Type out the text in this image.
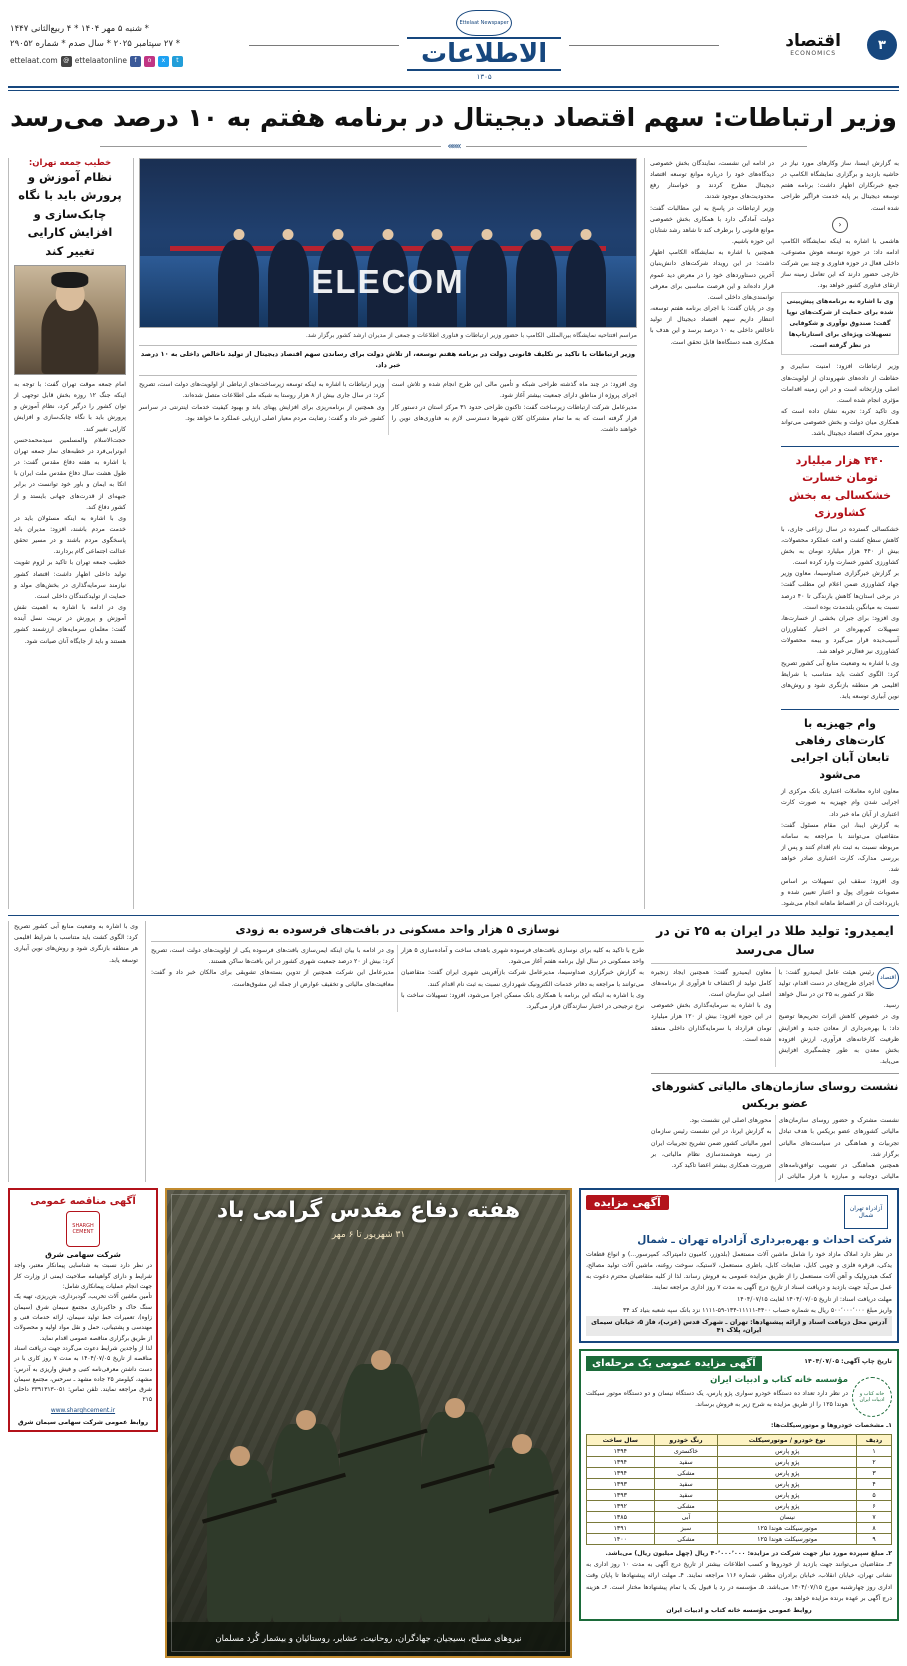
۳
اقتصاد
ECONOMICS
Ettelaat Newspaper
الاطلاعات
۱۳۰۵
* شنبه ۵ مهر ۱۴۰۴ * ۴ ربیع‌الثانی ۱۴۴۷
* ۲۷ سپتامبر ۲۰۲۵ * سال صدم * شماره ۲۹۰۵۲
t
x
o
f
ettelaatonline
@
ettelaat.com
وزیر ارتباطات: سهم اقتصاد دیجیتال در برنامه هفتم به ۱۰ درصد می‌رسد
»»»
به گزارش ایسنا، ساز وکارهای مورد نیاز در حاشیه بازدید و برگزاری نمایشگاه الکامپ در جمع خبرنگاران اظهار داشت: برنامه هفتم توسعه دیجیتال بر پایه خدمت فراگیر طراحی شده است.
‹
هاشمی با اشاره به اینکه نمایشگاه الکامپ ادامه داد: در حوزه توسعه هوش مصنوعی، داخلی فعال در حوزه فناوری و چند بین شرکت خارجی حضور دارند که این تعامل زمینه ساز ارتقای فناوری کشور خواهد بود.
وی با اشاره به برنامه‌های پیش‌بینی شده برای حمایت از شرکت‌های نوپا گفت: صندوق نوآوری و شکوفایی تسهیلات ویژه‌ای برای استارتاپ‌ها در نظر گرفته است.
وزیر ارتباطات افزود: امنیت سایبری و حفاظت از داده‌های شهروندان از اولویت‌های اصلی وزارتخانه است و در این زمینه اقدامات مؤثری انجام شده است.
وی تاکید کرد: تجربه نشان داده است که همکاری میان دولت و بخش خصوصی می‌تواند موتور محرک اقتصاد دیجیتال باشد.
۴۴۰ هزار میلیارد تومان خسارت خشکسالی به بخش کشاورزی
خشکسالی گسترده در سال زراعی جاری، با کاهش سطح کشت و افت عملکرد محصولات، بیش از ۴۴۰ هزار میلیارد تومان به بخش کشاورزی کشور خسارت وارد کرده است.
بر گزارش خبرگزاری صداوسیما، معاون وزیر جهاد کشاورزی ضمن اعلام این مطلب گفت: در برخی استان‌ها کاهش بارندگی تا ۴۰ درصد نسبت به میانگین بلندمدت بوده است.
وی افزود: برای جبران بخشی از خسارت‌ها، تسهیلات کم‌بهره‌ای در اختیار کشاورزان آسیب‌دیده قرار می‌گیرد و بیمه محصولات کشاورزی نیز فعال‌تر خواهد شد.
وی با اشاره به وضعیت منابع آبی کشور تصریح کرد: الگوی کشت باید متناسب با شرایط اقلیمی هر منطقه بازنگری شود و روش‌های نوین آبیاری توسعه یابد.
وام جهیزیه با کارت‌های رفاهی تابعان آبان اجرایی می‌شود
معاون اداره معاملات اعتباری بانک مرکزی از اجرایی شدن وام جهیزیه به صورت کارت اعتباری از آبان ماه خبر داد.
به گزارش ایبنا، این مقام مسئول گفت: متقاضیان می‌توانند با مراجعه به سامانه مربوطه نسبت به ثبت نام اقدام کنند و پس از بررسی مدارک، کارت اعتباری صادر خواهد شد.
وی افزود: سقف این تسهیلات بر اساس مصوبات شورای پول و اعتبار تعیین شده و بازپرداخت آن در اقساط ماهانه انجام می‌شود.
در ادامه این نشست، نمایندگان بخش خصوصی دیدگاه‌های خود را درباره موانع توسعه اقتصاد دیجیتال مطرح کردند و خواستار رفع محدودیت‌های موجود شدند.
وزیر ارتباطات در پاسخ به این مطالبات گفت: دولت آمادگی دارد با همکاری بخش خصوصی موانع قانونی را برطرف کند تا شاهد رشد شتابان این حوزه باشیم.
همچنین با اشاره به نمایشگاه الکامپ اظهار داشت: در این رویداد شرکت‌های دانش‌بنیان آخرین دستاوردهای خود را در معرض دید عموم قرار داده‌اند و این فرصت مناسبی برای معرفی توانمندی‌های داخلی است.
وی در پایان گفت: با اجرای برنامه هفتم توسعه، انتظار داریم سهم اقتصاد دیجیتال از تولید ناخالص داخلی به ۱۰ درصد برسد و این هدف با همکاری همه دستگاه‌ها قابل تحقق است.
ELECOM
مراسم افتتاحیه نمایشگاه بین‌المللی الکامپ با حضور وزیر ارتباطات و فناوری اطلاعات و جمعی از مدیران ارشد کشور برگزار شد.
وزیر ارتباطات با تاکید بر تکلیف قانونی دولت در برنامه هفتم توسعه، از تلاش دولت برای رساندن سهم اقتصاد دیجیتال از تولید ناخالص داخلی به ۱۰ درصد خبر داد.
وی افزود: در چند ماه گذشته طراحی شبکه و تأمین مالی این طرح انجام شده و تلاش است اجرای پروژه از مناطق دارای جمعیت بیشتر آغاز شود.
مدیرعامل شرکت ارتباطات زیرساخت گفت: تاکنون طراحی حدود ۳۱ مرکز استان در دستور کار قرار گرفته است که به ما تمام مشترکان کلان شهرها دسترسی لازم به فناوری‌های نوین را خواهند داشت.
وزیر ارتباطات با اشاره به اینکه توسعه زیرساخت‌های ارتباطی از اولویت‌های دولت است، تصریح کرد: در سال جاری بیش از ۸ هزار روستا به شبکه ملی اطلاعات متصل شده‌اند.
وی همچنین از برنامه‌ریزی برای افزایش پهنای باند و بهبود کیفیت خدمات اینترنتی در سراسر کشور خبر داد و گفت: رضایت مردم معیار اصلی ارزیابی عملکرد ما خواهد بود.
خطیب جمعه تهران:
نظام آموزش و پرورش باید با نگاه چابک‌سازی و افزایش کارایی تغییر کند
امام جمعه موقت تهران گفت: با توجه به اینکه جنگ ۱۲ روزه بخش قابل توجهی از توان کشور را درگیر کرد، نظام آموزش و پرورش باید با نگاه چابک‌سازی و افزایش کارایی تغییر کند.
حجت‌الاسلام والمسلمین سیدمحمدحسن ابوترابی‌فرد در خطبه‌های نماز جمعه تهران با اشاره به هفته دفاع مقدس گفت: در طول هشت سال دفاع مقدس ملت ایران با اتکا به ایمان و باور خود توانست در برابر جبهه‌ای از قدرت‌های جهانی بایستد و از کشور دفاع کند.
وی با اشاره به اینکه مسئولان باید در خدمت مردم باشند، افزود: مدیران باید پاسخگوی مردم باشند و در مسیر تحقق عدالت اجتماعی گام بردارند.
خطیب جمعه تهران با تاکید بر لزوم تقویت تولید داخلی اظهار داشت: اقتصاد کشور نیازمند سرمایه‌گذاری در بخش‌های مولد و حمایت از تولیدکنندگان داخلی است.
وی در ادامه با اشاره به اهمیت نقش آموزش و پرورش در تربیت نسل آینده گفت: معلمان سرمایه‌های ارزشمند کشور هستند و باید از جایگاه آنان صیانت شود.
ایمیدرو: تولید طلا در ایران به ۲۵ تن در سال می‌رسد
اقتصاد
رئیس هیئت عامل ایمیدرو گفت: با اجرای طرح‌های در دست اقدام، تولید طلا در کشور به ۲۵ تن در سال خواهد رسید.
وی در خصوص کاهش اثرات تحریم‌ها توضیح داد: با بهره‌برداری از معادن جدید و افزایش ظرفیت کارخانه‌های فرآوری، ارزش افزوده بخش معدن به طور چشمگیری افزایش می‌یابد.
معاون ایمیدرو گفت: همچنین ایجاد زنجیره کامل تولید از اکتشاف تا فرآوری از برنامه‌های اصلی این سازمان است.
وی با اشاره به سرمایه‌گذاری بخش خصوصی در این حوزه افزود: بیش از ۱۲۰ هزار میلیارد تومان قرارداد با سرمایه‌گذاران داخلی منعقد شده است.
نشست روسای سازمان‌های مالیاتی کشورهای عضو بریکس
نشست مشترک و حضور روسای سازمان‌های مالیاتی کشورهای عضو بریکس با هدف تبادل تجربیات و هماهنگی در سیاست‌های مالیاتی برگزار شد.
همچنین هماهنگی در تصویب توافق‌نامه‌های مالیاتی دوجانبه و مبارزه با فرار مالیاتی از محورهای اصلی این نشست بود.
به گزارش ایرنا، در این نشست رئیس سازمان امور مالیاتی کشور ضمن تشریح تجربیات ایران در زمینه هوشمندسازی نظام مالیاتی، بر ضرورت همکاری بیشتر اعضا تاکید کرد.
نوسازی ۵ هزار واحد مسکونی در بافت‌های فرسوده به زودی
طرح با تاکید به کلیه برای نوسازی بافت‌های فرسوده شهری باهدف ساخت و آماده‌سازی ۵ هزار واحد مسکونی در سال اول برنامه هفتم آغاز می‌شود.
به گزارش خبرگزاری صداوسیما، مدیرعامل شرکت بازآفرینی شهری ایران گفت: متقاضیان می‌توانند با مراجعه به دفاتر خدمات الکترونیک شهرداری نسبت به ثبت نام اقدام کنند.
وی با اشاره به اینکه این برنامه با همکاری بانک مسکن اجرا می‌شود، افزود: تسهیلات ساخت با نرخ ترجیحی در اختیار سازندگان قرار می‌گیرد.
وی در ادامه با بیان اینکه ایمن‌سازی بافت‌های فرسوده یکی از اولویت‌های دولت است، تصریح کرد: بیش از ۲۰ درصد جمعیت شهری کشور در این بافت‌ها ساکن هستند.
مدیرعامل این شرکت همچنین از تدوین بسته‌های تشویقی برای مالکان خبر داد و گفت: معافیت‌های مالیاتی و تخفیف عوارض از جمله این مشوق‌هاست.
وی با اشاره به وضعیت منابع آبی کشور تصریح کرد: الگوی کشت باید متناسب با شرایط اقلیمی هر منطقه بازنگری شود و روش‌های نوین آبیاری توسعه یابد.
آزادراه تهران شمال
آگهی مزایده
شرکت احداث و بهره‌برداری آزادراه تهران ـ شمال
در نظر دارد املاک مازاد خود را شامل ماشین آلات مستعمل (بلدوزر، کامیون دامپتراک، کمپرسور...) و انواع قطعات یدکی، قرقره فلزی و چوبی کابل، ضایعات کابل، باطری مستعمل، لاستیک، سوخت روغنه، ماشین آلات تولید مصالح، کمک هیدرولیک و آهن آلات مستعمل را از طریق مزایده عمومی به فروش رساند. لذا از کلیه متقاضیان محترم دعوت به عمل می‌آید جهت بازدید و دریافت اسناد از تاریخ درج آگهی به مدت ۷ روز اداری مراجعه نمایند.
مهلت دریافت اسناد: از تاریخ ۱۴۰۴/۰۷/۰۵ لغایت ۱۴۰۴/۰۷/۱۵
واریز مبلغ ۵۰۰٬۰۰۰٬۰۰۰ ریال به شماره حساب ۴۴۰۰-۱۱۱۱۱-۱۳۴-۵۹-۱۱۱۱ نزد بانک سپه شعبه بنیاد کد ۳۴
آدرس محل دریافت اسناد و ارائه پیشنهادها: تهران ـ شهرک قدس (غرب)، فاز ۵، خیابان سیمای ایران، پلاک ۴۱
تاریخ چاپ آگهی: ۱۴۰۴/۰۷/۰۵
آگهی مزایده عمومی یک مرحله‌ای
خانه کتاب و ادبیات ایران
مؤسسه خانه کتاب و ادبیات ایران
در نظر دارد تعداد ده دستگاه خودرو سواری پژو پارس، یک دستگاه نیسان و دو دستگاه موتور سیکلت هوندا ۱۲۵ را از طریق مزایده به شرح زیر به فروش برساند.
۱ـ مشخصات خودروها و موتورسیکلت‌ها:
ردیف	نوع خودرو / موتورسیکلت	رنگ خودرو	سال ساخت
۱	پژو پارس	خاکستری	۱۳۹۴
۲	پژو پارس	سفید	۱۳۹۴
۳	پژو پارس	مشکی	۱۳۹۴
۴	پژو پارس	سفید	۱۳۹۳
۵	پژو پارس	سفید	۱۳۹۳
۶	پژو پارس	مشکی	۱۳۹۲
۷	نیسان	آبی	۱۳۸۵
۸	موتورسیکلت هوندا ۱۲۵	سبز	۱۳۹۱
۹	موتورسیکلت هوندا ۱۲۵	مشکی	۱۴۰۰
۲ـ مبلغ سپرده مورد نیاز جهت شرکت در مزایده: ۴۰٬۰۰۰٬۰۰۰ ریال (چهل میلیون ریال) می‌باشد.
۳ـ متقاضیان می‌توانند جهت بازدید از خودروها و کسب اطلاعات بیشتر از تاریخ درج آگهی به مدت ۱۰ روز اداری به نشانی تهران، خیابان انقلاب، خیابان برادران مظفر، شماره ۱۱۶ مراجعه نمایند. ۴ـ مهلت ارائه پیشنهادها تا پایان وقت اداری روز چهارشنبه مورخ ۱۴۰۴/۰۷/۱۵ می‌باشد. ۵ـ مؤسسه در رد یا قبول یک یا تمام پیشنهادها مختار است. ۶ـ هزینه درج آگهی بر عهده برنده مزایده خواهد بود.
روابط عمومی مؤسسه خانه کتاب و ادبیات ایران
هفته دفاع مقدس گرامی باد
۳۱ شهریور تا ۶ مهر
نیروهای مسلح، بسیجیان، جهادگران، روحانیت، عشایر، روستائیان و بیشمار گُرد مسلمان
آگهی مناقصه عمومی
SHARGH CEMENT
شرکت سهامی شرق
در نظر دارد نسبت به شناسایی پیمانکار معتبر، واجد شرایط و دارای گواهینامه صلاحیت ایمنی از وزارت کار جهت انجام عملیات پیمانکاری شامل:
تأمین ماشین آلات تخریب، گودبرداری، بتن‌ریزی، تهیه یک سنگ خاک و خاکبرداری مجتمع سیمان شرق (سیمان زاوه)، تعمیرات خط تولید سیمان، ارائه خدمات فنی و مهندسی و پشتیبانی، حمل و نقل مواد اولیه و محصولات از طریق برگزاری مناقصه عمومی اقدام نماید.
لذا از واجدین شرایط دعوت می‌گردد جهت دریافت اسناد مناقصه از تاریخ ۱۴۰۴/۰۷/۰۵ به مدت ۷ روز کاری با در دست داشتن معرفی‌نامه کتبی و فیش واریزی به آدرس: مشهد، کیلومتر ۲۵ جاده مشهد ـ سرخس، مجتمع سیمان شرق مراجعه نمایند. تلفن تماس: ۰۵۱-۳۳۹۱۳۱۳ داخلی ۲۱۵
www.sharghcement.ir
روابط عمومی شرکت سهامی سیمان شرق
